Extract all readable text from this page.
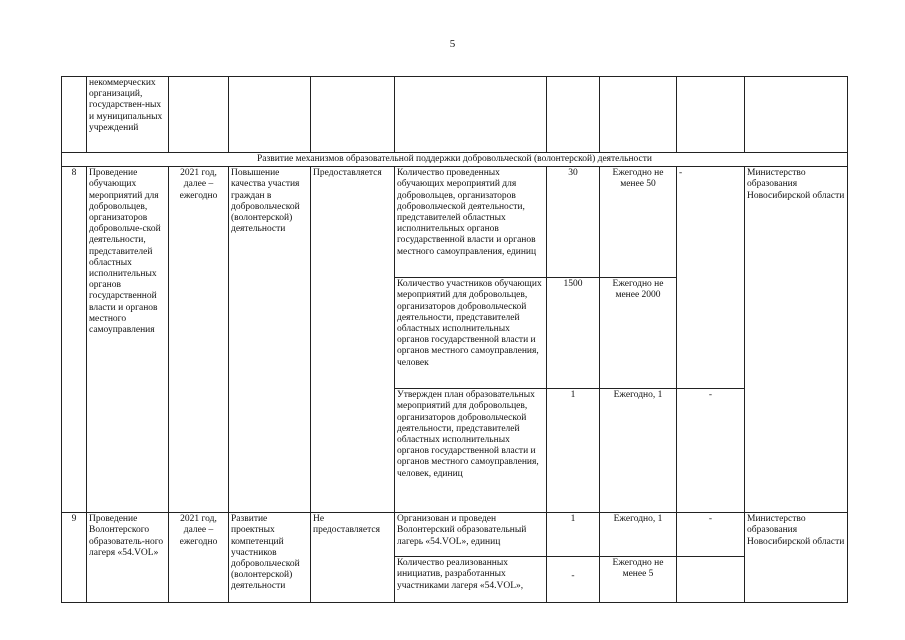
5
	некоммерческих организаций, государствен-ных и муниципальных учреждений								
Развитие механизмов образовательной поддержки добровольческой (волонтерской) деятельности									
8	Проведение обучающих мероприятий для добровольцев, организаторов добровольче-ской деятельности, представителей областных исполнительных органов государственной власти и органов местного самоуправления	2021 год, далее – ежегодно	Повышение качества участия граждан в добровольческой (волонтерской) деятельности	Предоставляется	Количество проведенных обучающих мероприятий для добровольцев, организаторов добровольческой деятельности, представителей областных исполнительных органов государственной власти и органов местного самоуправления, единиц	30	Ежегодно не менее 50	-	Министерство образования Новосибирской области
					Количество участников обучающих мероприятий для добровольцев, организаторов добровольческой деятельности, представителей областных исполнительных органов государственной власти и органов местного самоуправления, человек	1500	Ежегодно не менее 2000		
					Утвержден план образовательных мероприятий для добровольцев, организаторов добровольческой деятельности, представителей областных исполнительных органов государственной власти и органов местного самоуправления, человек, единиц	1	Ежегодно, 1	-	
9	Проведение Волонтерского образователь-ного лагеря «54.VOL»	2021 год, далее – ежегодно	Развитие проектных компетенций участников добровольческой (волонтерской) деятельности	Не предоставляется	Организован и проведен Волонтерский образовательный лагерь «54.VOL», единиц	1	Ежегодно, 1	-	Министерство образования Новосибирской области
					Количество реализованных инициатив, разработанных участниками лагеря «54.VOL»,	-	Ежегодно не менее 5		
